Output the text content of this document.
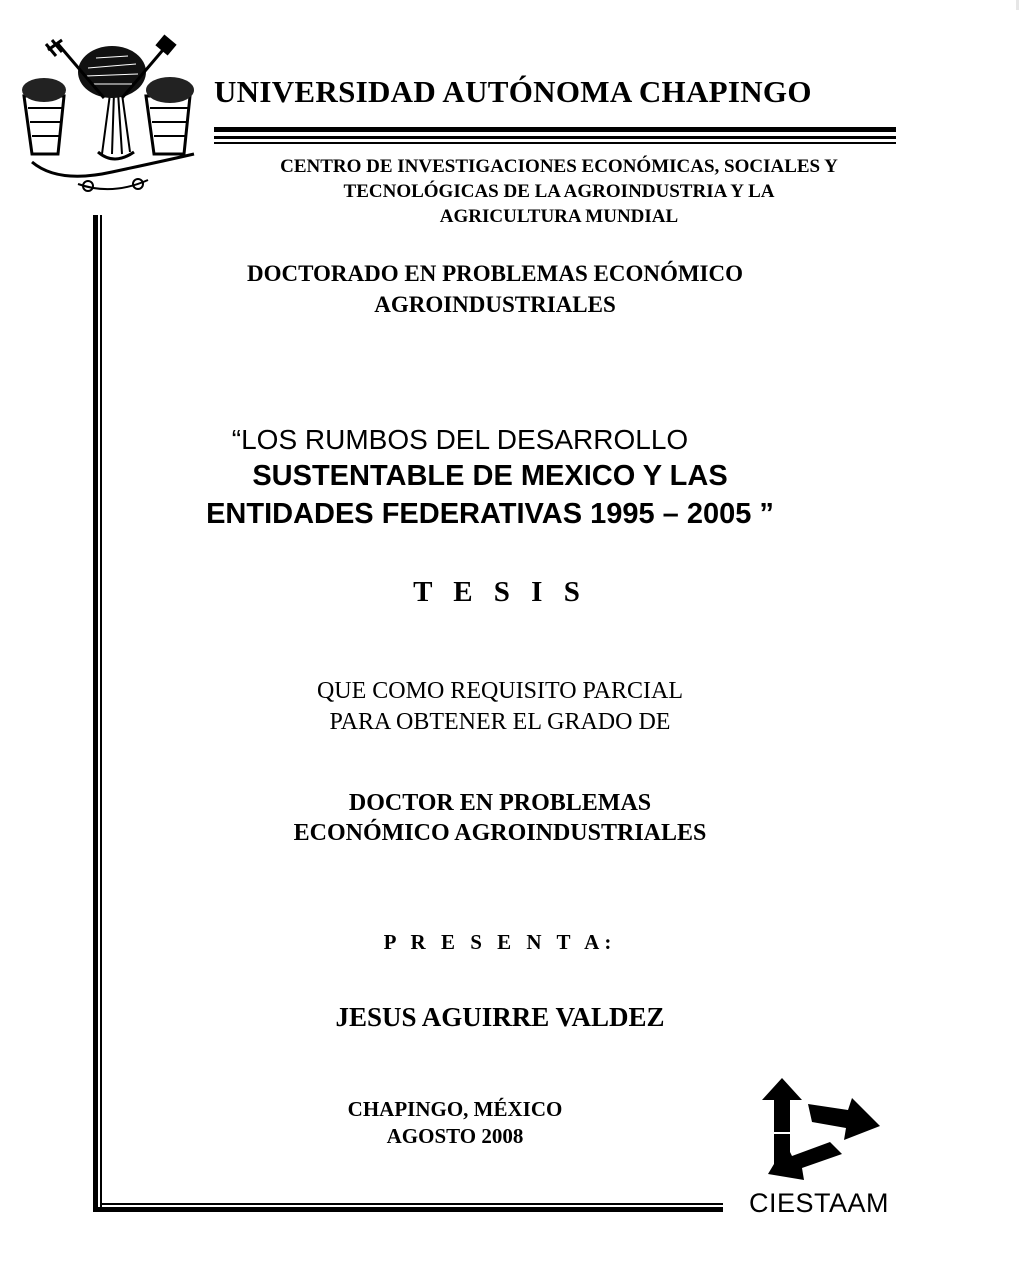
UNIVERSIDAD AUTÓNOMA CHAPINGO
CENTRO DE INVESTIGACIONES ECONÓMICAS, SOCIALES Y
TECNOLÓGICAS DE LA AGROINDUSTRIA Y LA
AGRICULTURA MUNDIAL
DOCTORADO EN PROBLEMAS ECONÓMICO
AGROINDUSTRIALES
“LOS RUMBOS DEL DESARROLLO
SUSTENTABLE DE MEXICO Y LAS
ENTIDADES FEDERATIVAS 1995 – 2005 ”
T E S I S
QUE COMO REQUISITO PARCIAL
PARA OBTENER EL GRADO DE
DOCTOR EN PROBLEMAS
ECONÓMICO AGROINDUSTRIALES
P R E S E N T A:
JESUS AGUIRRE VALDEZ
CHAPINGO, MÉXICO
AGOSTO 2008
CIESTAAM
